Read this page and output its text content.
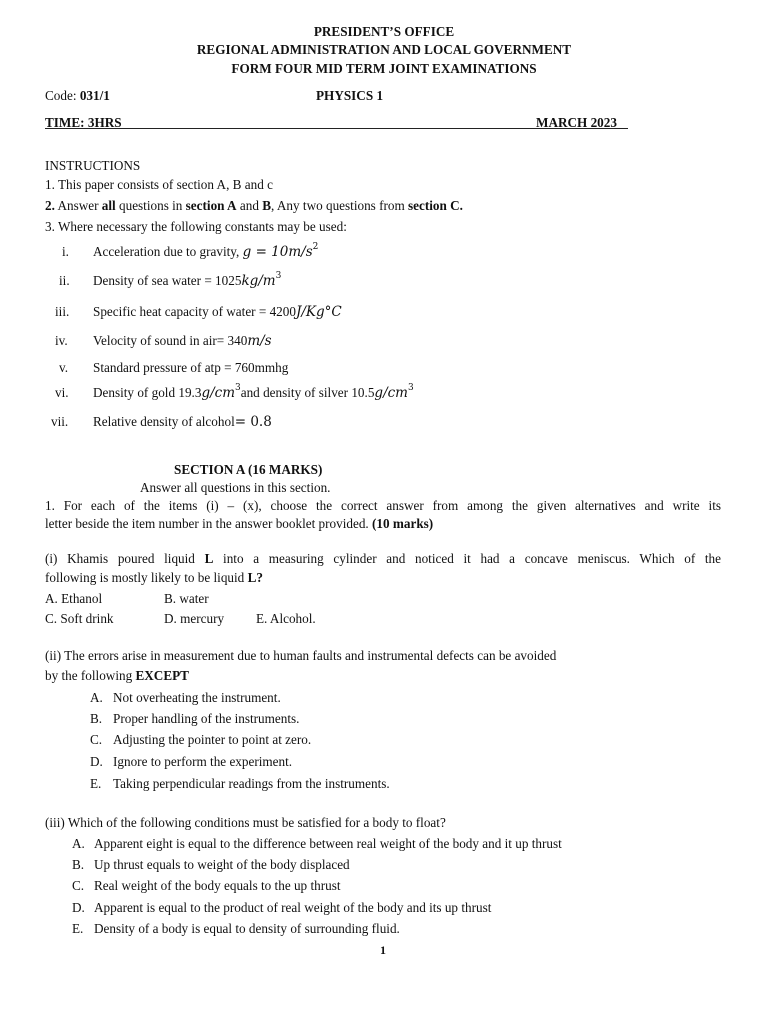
PRESIDENT’S OFFICE
REGIONAL ADMINISTRATION AND LOCAL GOVERNMENT
FORM FOUR MID TERM JOINT EXAMINATIONS
Code: 031/1	PHYSICS 1
TIME: 3HRS	MARCH 2023
INSTRUCTIONS
1. This paper consists of section A, B and c
2. Answer all questions in section A and B, Any two questions from section C.
3. Where necessary the following constants may be used:
i. Acceleration due to gravity, $g = 10m/s^2$
ii. Density of sea water = $1025kg/m^3$
iii. Specific heat capacity of water = 4200J/Kg°C
iv. Velocity of sound in air= 340m/s
v. Standard pressure of atp = 760mmhg
vi. Density of gold $19.3g/cm^3and$ density of silver $10.5g/cm^3$
vii. Relative density of alcohol= 0.8
SECTION A (16 MARKS)
Answer all questions in this section.
1. For each of the items (i) – (x), choose the correct answer from among the given alternatives and write its
letter beside the item number in the answer booklet provided. (10 marks)
(i) Khamis poured liquid L into a measuring cylinder and noticed it had a concave meniscus. Which of the
following is mostly likely to be liquid L?
A. Ethanol	B. water
C. Soft drink	D. mercury E. Alcohol.
(ii) The errors arise in measurement due to human faults and instrumental defects can be avoided
by the following EXCEPT
A. Not overheating the instrument.
B. Proper handling of the instruments.
C. Adjusting the pointer to point at zero.
D. Ignore to perform the experiment.
E. Taking perpendicular readings from the instruments.
(iii) Which of the following conditions must be satisfied for a body to float?
A. Apparent eight is equal to the difference between real weight of the body and it up thrust
B. Up thrust equals to weight of the body displaced
C. Real weight of the body equals to the up thrust
D. Apparent is equal to the product of real weight of the body and its up thrust
E. Density of a body is equal to density of surrounding fluid.
1
